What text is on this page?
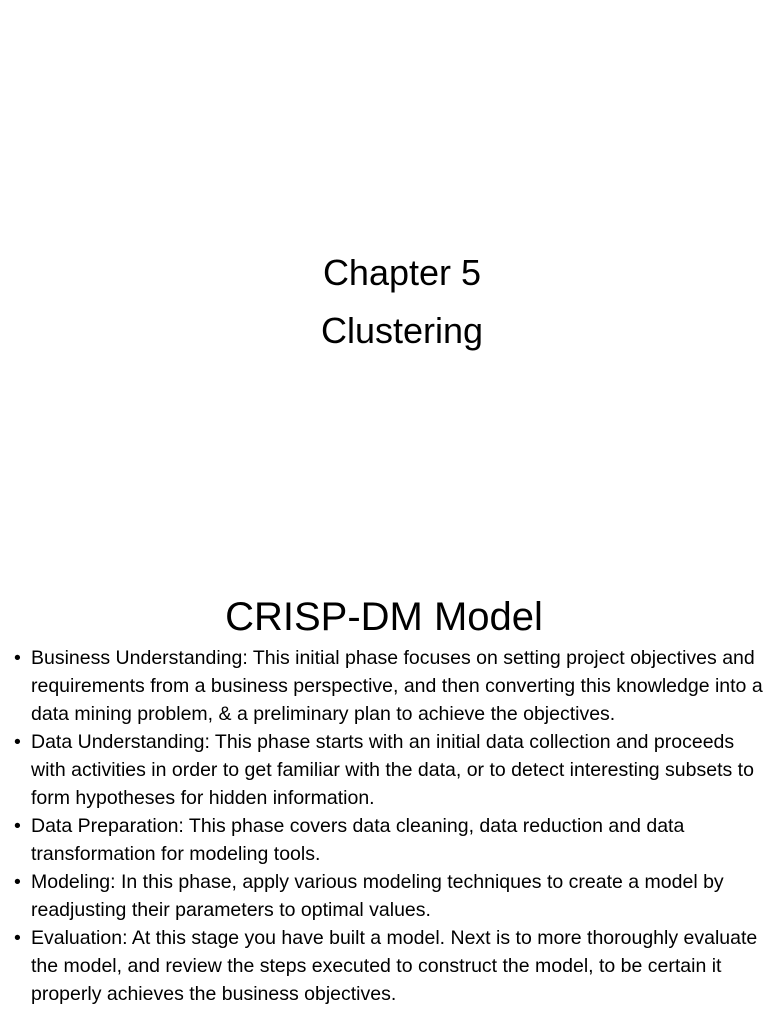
Chapter 5
Clustering
CRISP-DM Model
• Business Understanding: This initial phase focuses on setting project objectives and requirements from a business perspective, and then converting this knowledge into a data mining problem, & a preliminary plan to achieve the objectives.
• Data Understanding: This phase starts with an initial data collection and proceeds with activities in order to get familiar with the data, or to detect interesting subsets to form hypotheses for hidden information.
• Data Preparation: This phase covers data cleaning, data reduction and data transformation for modeling tools.
• Modeling: In this phase, apply various modeling techniques to create a model by readjusting their parameters to optimal values.
• Evaluation: At this stage you have built a model. Next is to more thoroughly evaluate the model, and review the steps executed to construct the model, to be certain it properly achieves the business objectives.
